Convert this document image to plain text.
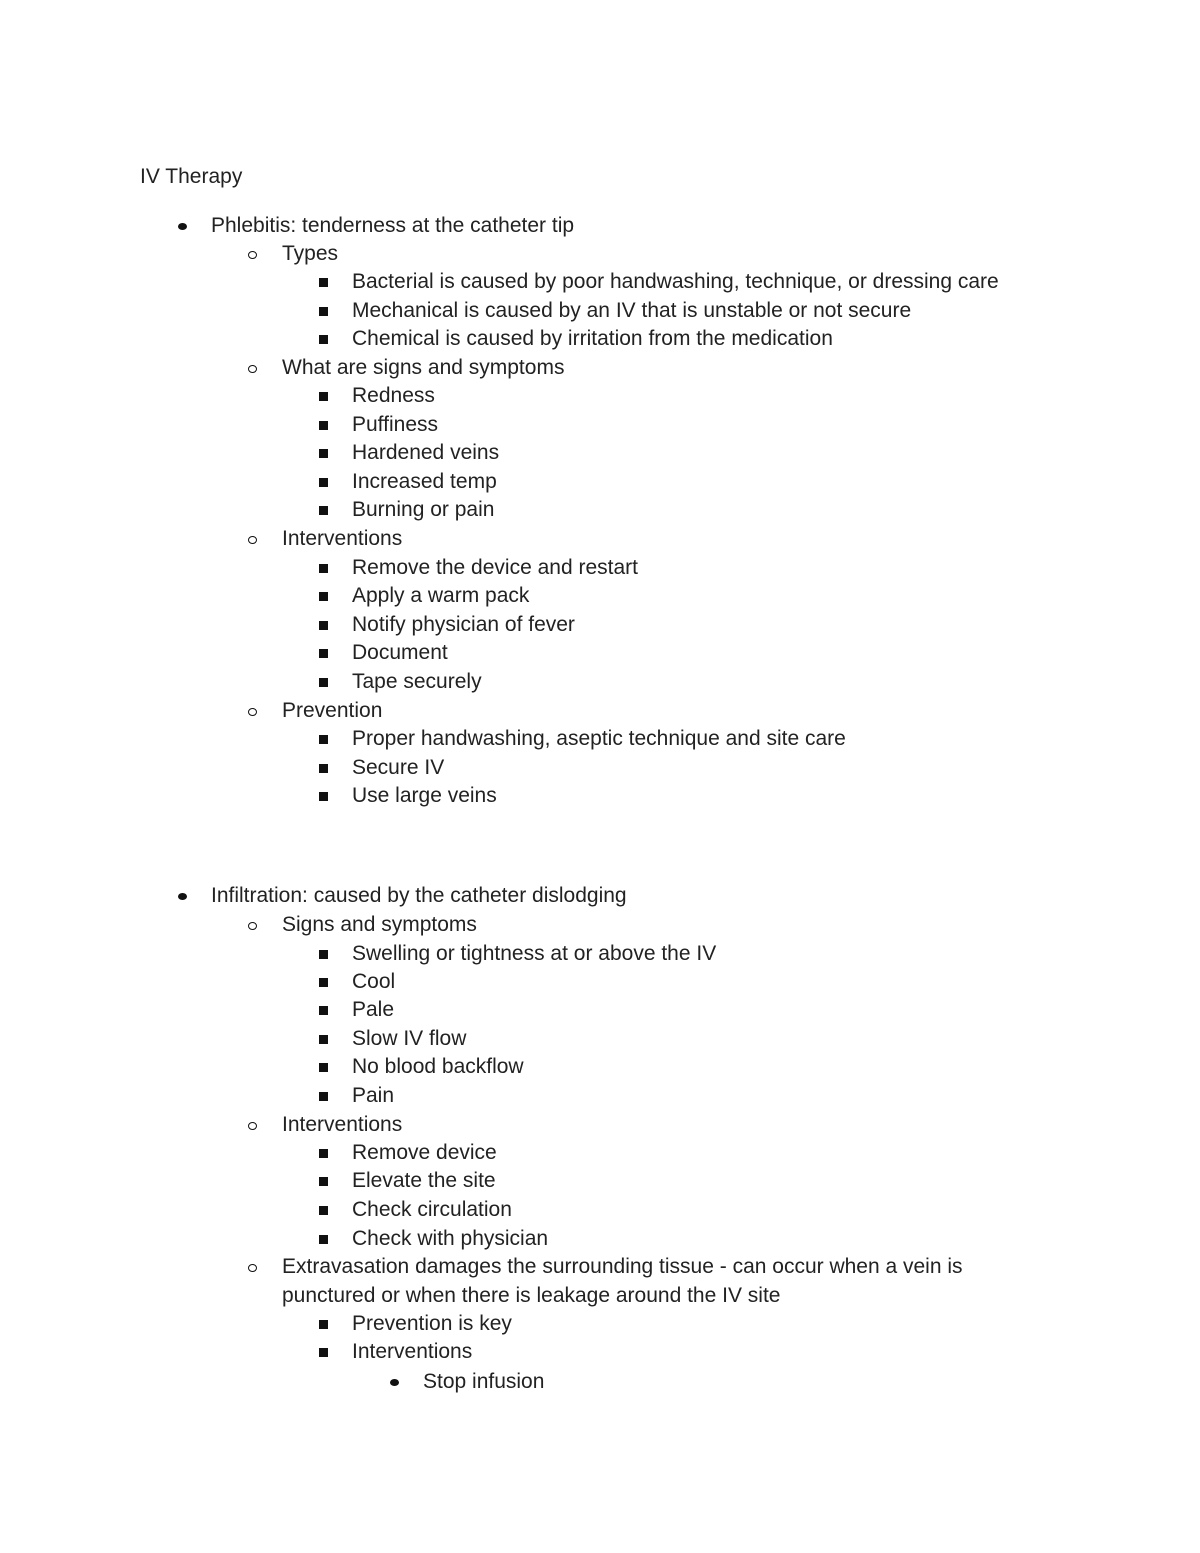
IV Therapy
Phlebitis: tenderness at the catheter tip
Types
Bacterial is caused by poor handwashing, technique, or dressing care
Mechanical is caused by an IV that is unstable or not secure
Chemical is caused by irritation from the medication
What are signs and symptoms
Redness
Puffiness
Hardened veins
Increased temp
Burning or pain
Interventions
Remove the device and restart
Apply a warm pack
Notify physician of fever
Document
Tape securely
Prevention
Proper handwashing, aseptic technique and site care
Secure IV
Use large veins
Infiltration: caused by the catheter dislodging
Signs and symptoms
Swelling or tightness at or above the IV
Cool
Pale
Slow IV flow
No blood backflow
Pain
Interventions
Remove device
Elevate the site
Check circulation
Check with physician
Extravasation damages the surrounding tissue - can occur when a vein is
punctured or when there is leakage around the IV site
Prevention is key
Interventions
Stop infusion
